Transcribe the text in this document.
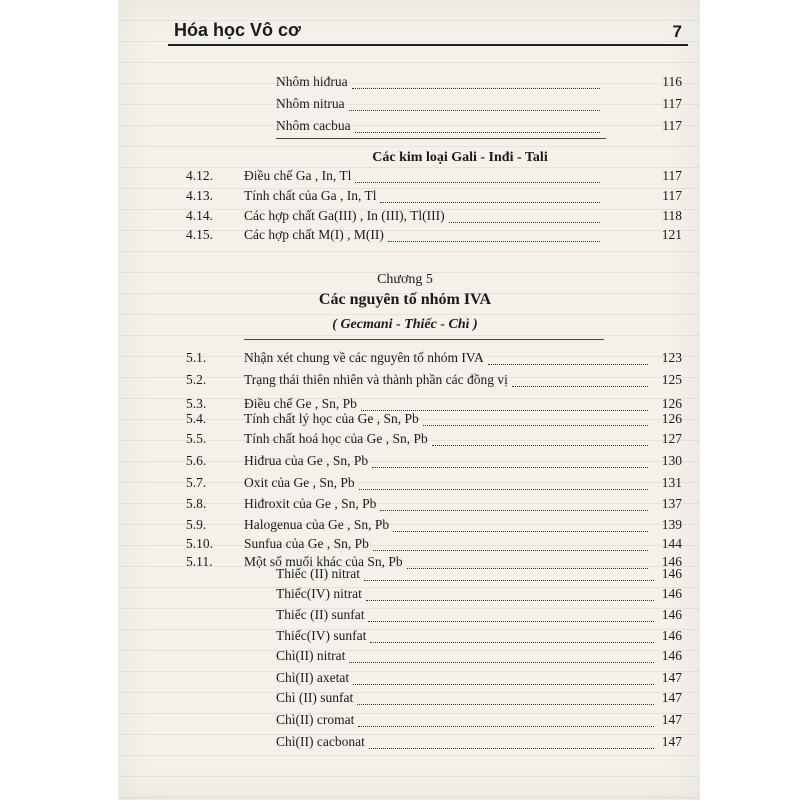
Hóa học Vô cơ	7
Nhôm hiđrua	116
Nhôm nitrua	117
Nhôm cacbua	117
Các kim loại Gali - Inđi - Tali
4.12. Điều chế Ga , In, Tl	117
4.13. Tính chất của Ga , In, Tl	117
4.14. Các hợp chất Ga(III) , In (III), Tl(III)	118
4.15. Các hợp chất M(I) , M(II)	121
Chương 5
Các nguyên tố nhóm IVA
( Gecmani - Thiếc - Chì )
5.1.	Nhận xét chung về các nguyên tố nhóm IVA	123
5.2.	Trạng thái thiên nhiên và thành phần các đồng vị	125
5.3.	Điều chế Ge , Sn, Pb	126
5.4.	Tính chất lý học của Ge , Sn, Pb	126
5.5.	Tính chất hoá học của Ge , Sn, Pb	127
5.6.	Hiđrua của Ge , Sn, Pb	130
5.7.	Oxit của Ge , Sn, Pb	131
5.8.	Hiđroxit của Ge , Sn, Pb	137
5.9.	Halogenua của Ge , Sn, Pb	139
5.10. Sunfua của Ge , Sn, Pb	144
5.11. Một số muối khác của Sn, Pb	146
Thiếc (II) nitrat	146
Thiếc(IV) nitrat	146
Thiếc (II) sunfat	146
Thiếc(IV) sunfat	146
Chì(II) nitrat	146
Chì(II) axetat	147
Chì (II) sunfat	147
Chì(II) cromat	147
Chì(II) cacbonat	147
